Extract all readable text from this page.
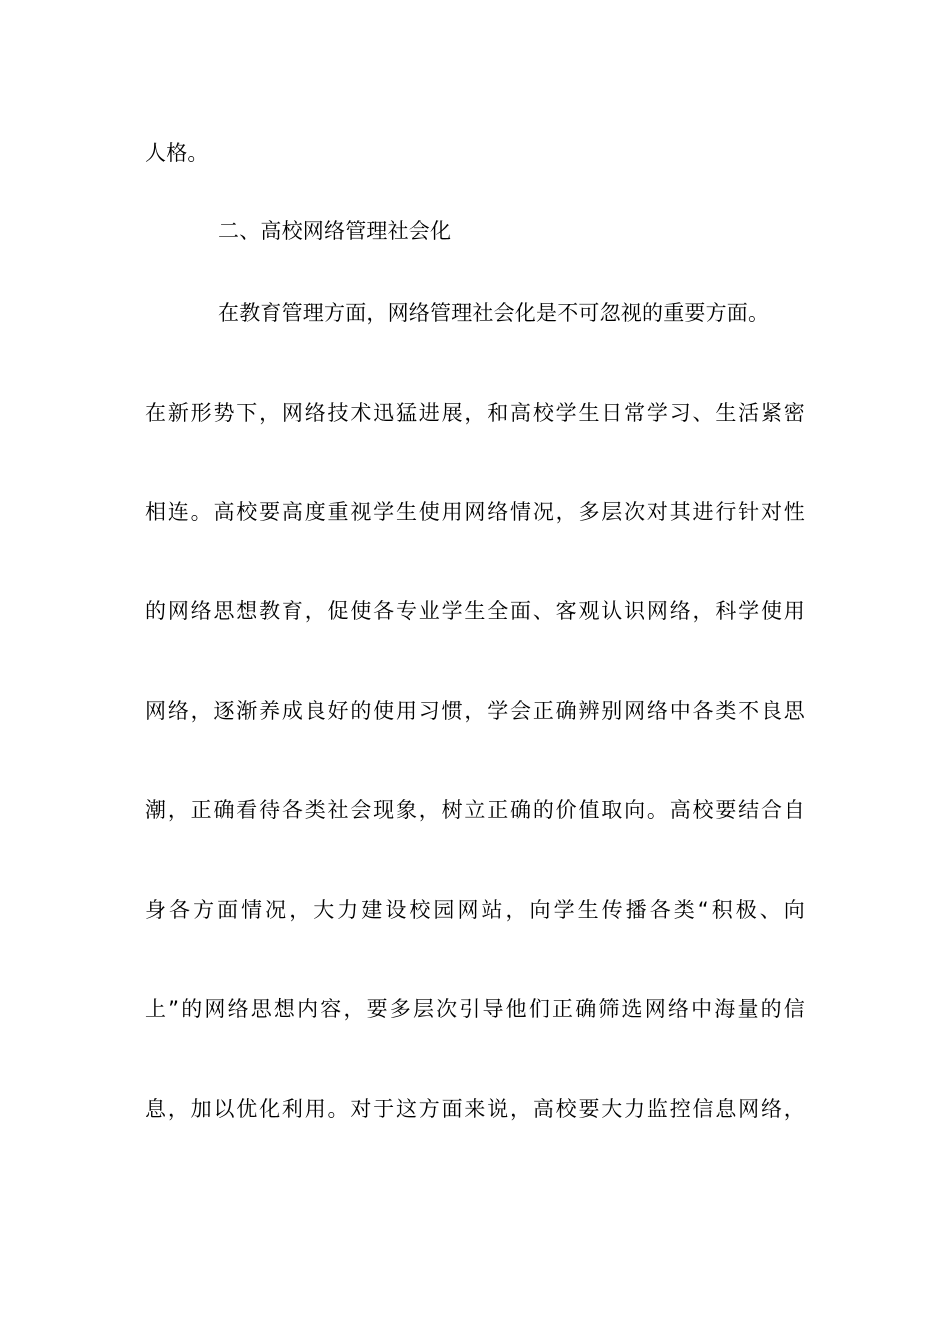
人格。
二、高校网络管理社会化
在教育管理方面，网络管理社会化是不可忽视的重要方面。
在新形势下，网络技术迅猛进展，和高校学生日常学习、生活紧密
相连。高校要高度重视学生使用网络情况，多层次对其进行针对性
的网络思想教育，促使各专业学生全面、客观认识网络，科学使用
网络，逐渐养成良好的使用习惯，学会正确辨别网络中各类不良思
潮，正确看待各类社会现象，树立正确的价值取向。高校要结合自
身各方面情况，大力建设校园网站，向学生传播各类“积极、向
上”的网络思想内容，要多层次引导他们正确筛选网络中海量的信
息，加以优化利用。对于这方面来说，高校要大力监控信息网络，
